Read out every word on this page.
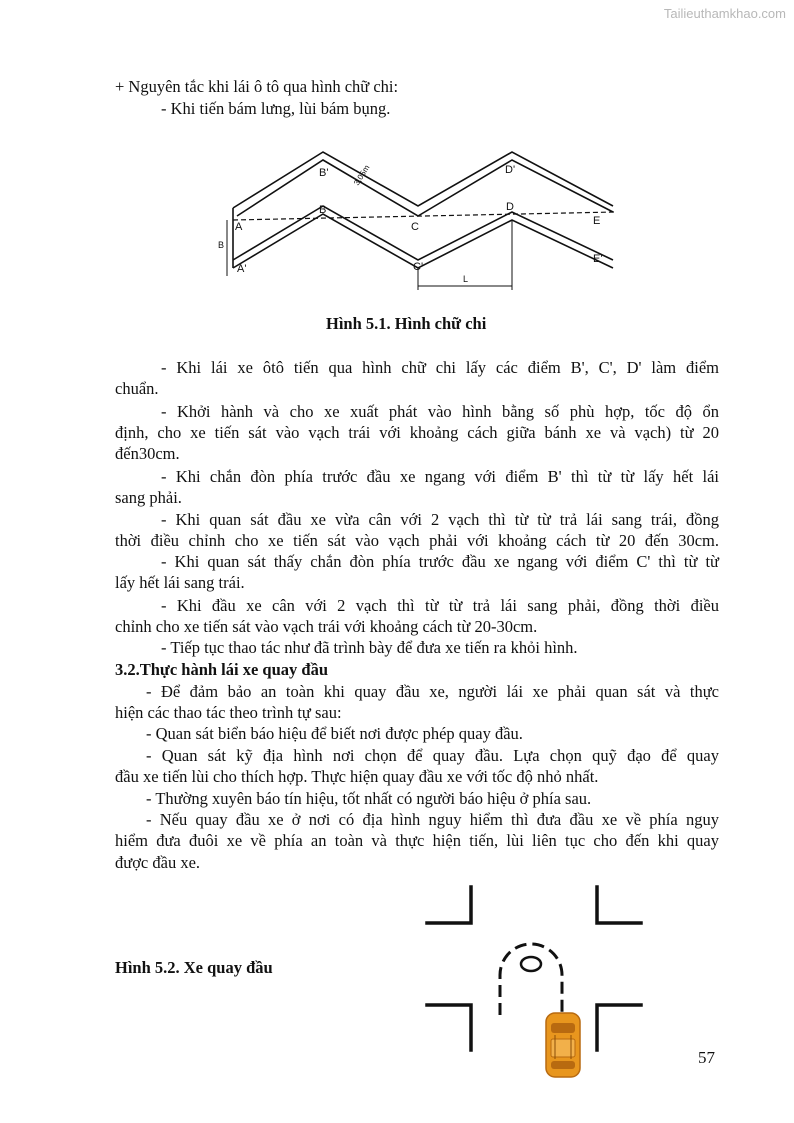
Tailieuthamkhao.com
+ Nguyên tắc khi lái ô tô qua hình chữ chi:
- Khi tiến bám lưng, lùi bám bụng.
A
A'
B'
B
C
C'
D'
D
E
E'
B
L
3,05m
Hình 5.1. Hình chữ chi
- Khi lái xe ôtô tiến qua hình chữ chi lấy các điểm B', C', D' làm điểm
chuẩn.
- Khởi hành và cho xe xuất phát vào hình bằng số phù hợp, tốc độ ổn
định, cho xe tiến sát vào vạch trái với khoảng cách giữa bánh xe và vạch) từ 20
đến30cm.
- Khi chắn đòn phía trước đầu xe ngang với điểm B' thì từ từ lấy hết lái
sang phải.
- Khi quan sát đầu xe vừa cân với 2 vạch thì từ từ trả lái sang trái, đồng
thời điều chỉnh cho xe tiến sát vào vạch phải với khoảng cách từ 20 đến 30cm.
- Khi quan sát thấy chắn đòn phía trước đầu xe ngang với điểm C' thì từ từ
lấy hết lái sang trái.
- Khi đầu xe cân với 2 vạch thì từ từ trả lái sang phải, đồng thời điều
chỉnh cho xe tiến sát vào vạch trái với khoảng cách từ 20-30cm.
- Tiếp tục thao tác như đã trình bày để đưa xe tiến ra khỏi hình.
3.2.Thực hành lái xe quay đầu
- Để đảm bảo an toàn khi quay đầu xe, người lái xe phải quan sát và thực
hiện các thao tác theo trình tự sau:
- Quan sát biển báo hiệu để biết nơi được phép quay đầu.
- Quan sát kỹ địa hình nơi chọn để quay đầu. Lựa chọn quỹ đạo để quay
đầu xe tiến lùi cho thích hợp. Thực hiện quay đầu xe với tốc độ nhỏ nhất.
- Thường xuyên báo tín hiệu, tốt nhất có người báo hiệu ở phía sau.
- Nếu quay đầu xe ở nơi có địa hình nguy hiểm thì đưa đầu xe về phía nguy
hiểm đưa đuôi xe về phía an toàn và thực hiện tiến, lùi liên tục cho đến khi quay
được đầu xe.
Hình 5.2. Xe quay đầu
57
